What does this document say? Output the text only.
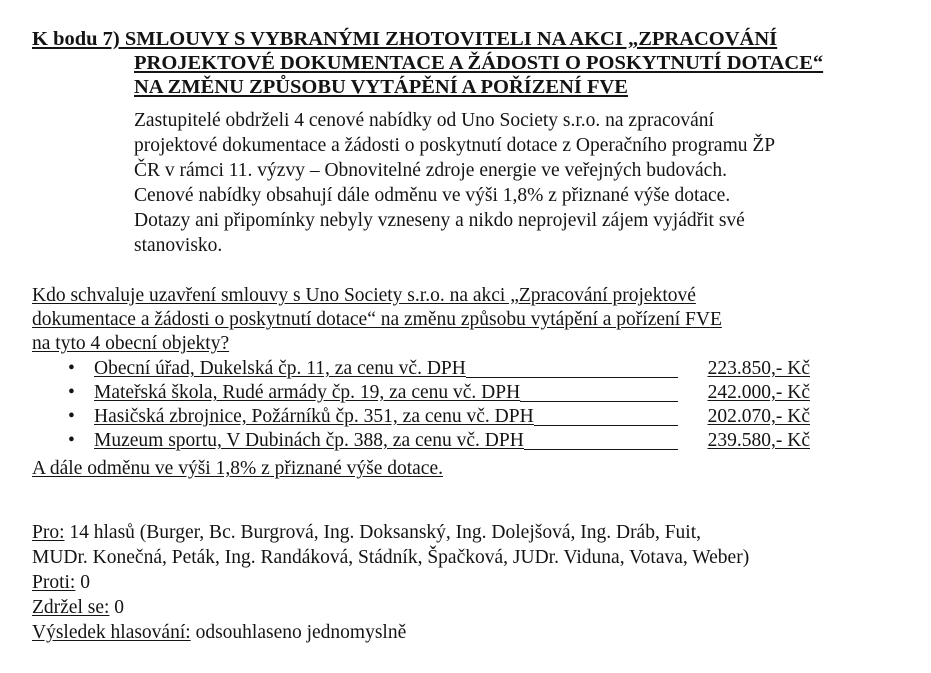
K bodu 7) SMLOUVY S VYBRANÝMI ZHOTOVITELI NA AKCI „ZPRACOVÁNÍ
PROJEKTOVÉ DOKUMENTACE A ŽÁDOSTI O POSKYTNUTÍ DOTACE“
NA ZMĚNU ZPŮSOBU VYTÁPĚNÍ A POŘÍZENÍ FVE
Zastupitelé obdrželi 4 cenové nabídky od Uno Society s.r.o. na zpracování
projektové dokumentace a žádosti o poskytnutí dotace z Operačního programu ŽP
ČR v rámci 11. výzvy – Obnovitelné zdroje energie ve veřejných budovách.
Cenové nabídky obsahují dále odměnu ve výši 1,8% z přiznané výše dotace.
Dotazy ani připomínky nebyly vzneseny a nikdo neprojevil zájem vyjádřit své
stanovisko.
Kdo schvaluje uzavření smlouvy s Uno Society s.r.o. na akci „Zpracování projektové
dokumentace a žádosti o poskytnutí dotace“ na změnu způsobu vytápění a pořízení FVE
na tyto 4 obecní objekty?
• Obecní úřad, Dukelská čp. 11, za cenu vč. DPH	223.850,- Kč
• Mateřská škola, Rudé armády čp. 19, za cenu vč. DPH	242.000,- Kč
• Hasičská zbrojnice, Požárníků čp. 351, za cenu vč. DPH	202.070,- Kč
• Muzeum sportu, V Dubinách čp. 388, za cenu vč. DPH	239.580,- Kč
A dále odměnu ve výši 1,8% z přiznané výše dotace.
Pro: 14 hlasů (Burger, Bc. Burgrová, Ing. Doksanský, Ing. Dolejšová, Ing. Dráb, Fuit,
MUDr. Konečná, Peták, Ing. Randáková, Stádník, Špačková, JUDr. Viduna, Votava, Weber)
Proti: 0
Zdržel se: 0
Výsledek hlasování: odsouhlaseno jednomyslně
